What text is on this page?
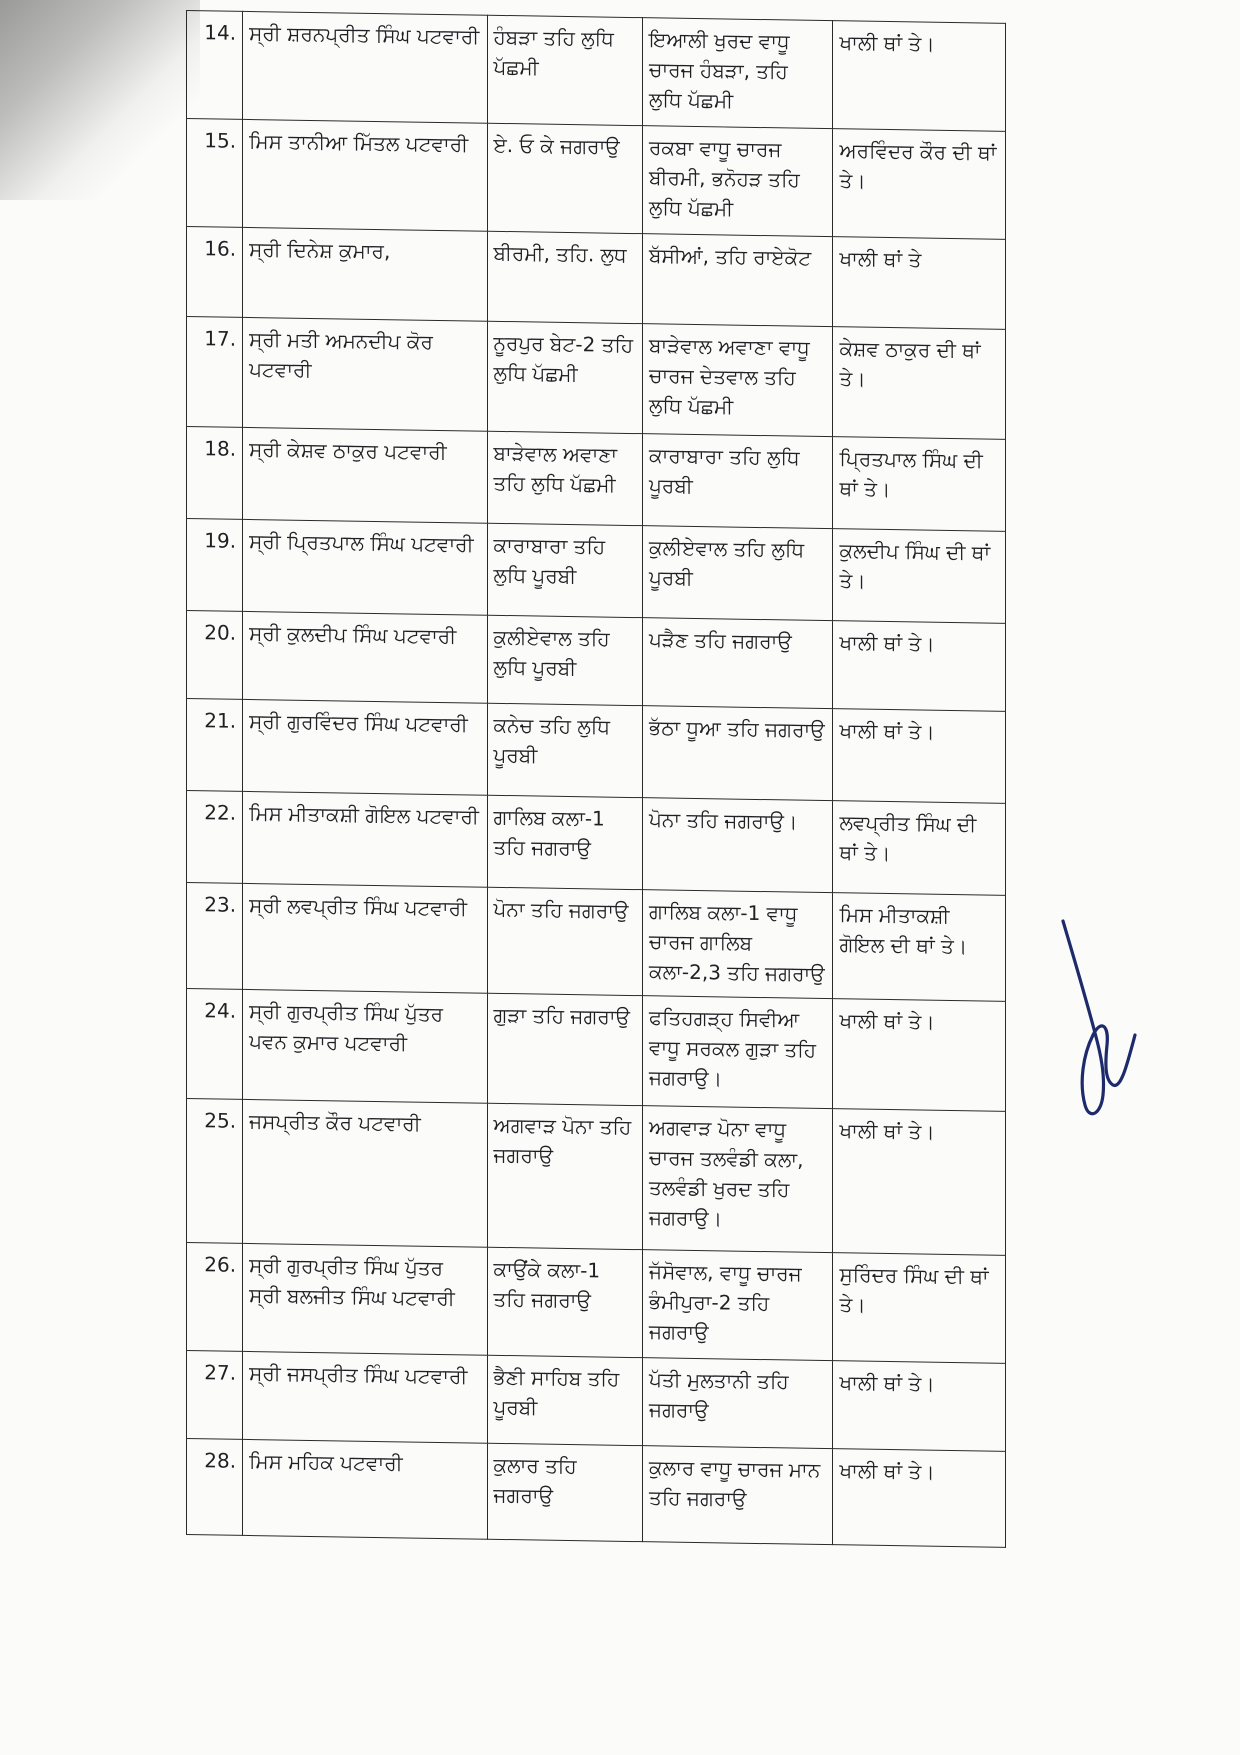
14.	ਸ੍ਰੀ ਸ਼ਰਨਪ੍ਰੀਤ ਸਿੰਘ ਪਟਵਾਰੀ	ਹੰਬੜਾ ਤਹਿ ਲੁਧਿ ਪੱਛਮੀ	ਇਆਲੀ ਖੁਰਦ ਵਾਧੂ ਚਾਰਜ ਹੰਬੜਾ, ਤਹਿ ਲੁਧਿ ਪੱਛਮੀ	ਖਾਲੀ ਥਾਂ ਤੇ।
15.	ਮਿਸ ਤਾਨੀਆ ਮਿੱਤਲ ਪਟਵਾਰੀ	ਏ. ਓ ਕੇ ਜਗਰਾਉ	ਰਕਬਾ ਵਾਧੂ ਚਾਰਜ ਬੀਰਮੀ, ਭਨੋਹੜ ਤਹਿ ਲੁਧਿ ਪੱਛਮੀ	ਅਰਵਿੰਦਰ ਕੌਰ ਦੀ ਥਾਂ ਤੇ।
16.	ਸ੍ਰੀ ਦਿਨੇਸ਼ ਕੁਮਾਰ,	ਬੀਰਮੀ, ਤਹਿ. ਲੁਧ	ਬੱਸੀਆਂ, ਤਹਿ ਰਾਏਕੋਟ	ਖਾਲੀ ਥਾਂ ਤੇ
17.	ਸ੍ਰੀ ਮਤੀ ਅਮਨਦੀਪ ਕੋਰ ਪਟਵਾਰੀ	ਨੂਰਪੁਰ ਬੇਟ-2 ਤਹਿ ਲੁਧਿ ਪੱਛਮੀ	ਬਾੜੇਵਾਲ ਅਵਾਣਾ ਵਾਧੂ ਚਾਰਜ ਦੇਤਵਾਲ ਤਹਿ ਲੁਧਿ ਪੱਛਮੀ	ਕੇਸ਼ਵ ਠਾਕੁਰ ਦੀ ਥਾਂ ਤੇ।
18.	ਸ੍ਰੀ ਕੇਸ਼ਵ ਠਾਕੁਰ ਪਟਵਾਰੀ	ਬਾੜੇਵਾਲ ਅਵਾਣਾ ਤਹਿ ਲੁਧਿ ਪੱਛਮੀ	ਕਾਰਾਬਾਰਾ ਤਹਿ ਲੁਧਿ ਪੂਰਬੀ	ਪ੍ਰਿਤਪਾਲ ਸਿੰਘ ਦੀ ਥਾਂ ਤੇ।
19.	ਸ੍ਰੀ ਪ੍ਰਿਤਪਾਲ ਸਿੰਘ ਪਟਵਾਰੀ	ਕਾਰਾਬਾਰਾ ਤਹਿ ਲੁਧਿ ਪੂਰਬੀ	ਕੁਲੀਏਵਾਲ ਤਹਿ ਲੁਧਿ ਪੂਰਬੀ	ਕੁਲਦੀਪ ਸਿੰਘ ਦੀ ਥਾਂ ਤੇ।
20.	ਸ੍ਰੀ ਕੁਲਦੀਪ ਸਿੰਘ ਪਟਵਾਰੀ	ਕੁਲੀਏਵਾਲ ਤਹਿ ਲੁਧਿ ਪੂਰਬੀ	ਪੜੈਣ ਤਹਿ ਜਗਰਾਉ	ਖਾਲੀ ਥਾਂ ਤੇ।
21.	ਸ੍ਰੀ ਗੁਰਵਿੰਦਰ ਸਿੰਘ ਪਟਵਾਰੀ	ਕਨੇਚ ਤਹਿ ਲੁਧਿ ਪੂਰਬੀ	ਭੱਠਾ ਧੂਆ ਤਹਿ ਜਗਰਾਉ	ਖਾਲੀ ਥਾਂ ਤੇ।
22.	ਮਿਸ ਮੀਤਾਕਸ਼ੀ ਗੋਇਲ ਪਟਵਾਰੀ	ਗਾਲਿਬ ਕਲਾ-1 ਤਹਿ ਜਗਰਾਉ	ਪੋਨਾ ਤਹਿ ਜਗਰਾਉ।	ਲਵਪ੍ਰੀਤ ਸਿੰਘ ਦੀ ਥਾਂ ਤੇ।
23.	ਸ੍ਰੀ ਲਵਪ੍ਰੀਤ ਸਿੰਘ ਪਟਵਾਰੀ	ਪੋਨਾ ਤਹਿ ਜਗਰਾਉ	ਗਾਲਿਬ ਕਲਾ-1 ਵਾਧੂ ਚਾਰਜ ਗਾਲਿਬ ਕਲਾ-2,3 ਤਹਿ ਜਗਰਾਉ	ਮਿਸ ਮੀਤਾਕਸ਼ੀ ਗੋਇਲ ਦੀ ਥਾਂ ਤੇ।
24.	ਸ੍ਰੀ ਗੁਰਪ੍ਰੀਤ ਸਿੰਘ ਪੁੱਤਰ ਪਵਨ ਕੁਮਾਰ ਪਟਵਾਰੀ	ਗੁੜਾ ਤਹਿ ਜਗਰਾਉ	ਫਤਿਹਗੜ੍ਹ ਸਿਵੀਆ ਵਾਧੂ ਸਰਕਲ ਗੁੜਾ ਤਹਿ ਜਗਰਾਉ।	ਖਾਲੀ ਥਾਂ ਤੇ।
25.	ਜਸਪ੍ਰੀਤ ਕੌਰ ਪਟਵਾਰੀ	ਅਗਵਾੜ ਪੋਨਾ ਤਹਿ ਜਗਰਾਉ	ਅਗਵਾੜ ਪੋਨਾ ਵਾਧੂ ਚਾਰਜ ਤਲਵੰਡੀ ਕਲਾ, ਤਲਵੰਡੀ ਖੁਰਦ ਤਹਿ ਜਗਰਾਉ।	ਖਾਲੀ ਥਾਂ ਤੇ।
26.	ਸ੍ਰੀ ਗੁਰਪ੍ਰੀਤ ਸਿੰਘ ਪੁੱਤਰ ਸ੍ਰੀ ਬਲਜੀਤ ਸਿੰਘ ਪਟਵਾਰੀ	ਕਾਉਂਕੇ ਕਲਾ-1 ਤਹਿ ਜਗਰਾਉ	ਜੱਸੋਵਾਲ, ਵਾਧੂ ਚਾਰਜ ਭੰਮੀਪੁਰਾ-2 ਤਹਿ ਜਗਰਾਉ	ਸੁਰਿੰਦਰ ਸਿੰਘ ਦੀ ਥਾਂ ਤੇ।
27.	ਸ੍ਰੀ ਜਸਪ੍ਰੀਤ ਸਿੰਘ ਪਟਵਾਰੀ	ਭੈਣੀ ਸਾਹਿਬ ਤਹਿ ਪੂਰਬੀ	ਪੱਤੀ ਮੁਲਤਾਨੀ ਤਹਿ ਜਗਰਾਉ	ਖਾਲੀ ਥਾਂ ਤੇ।
28.	ਮਿਸ ਮਹਿਕ ਪਟਵਾਰੀ	ਕੁਲਾਰ ਤਹਿ ਜਗਰਾਉ	ਕੁਲਾਰ ਵਾਧੂ ਚਾਰਜ ਮਾਨ ਤਹਿ ਜਗਰਾਉ	ਖਾਲੀ ਥਾਂ ਤੇ।
